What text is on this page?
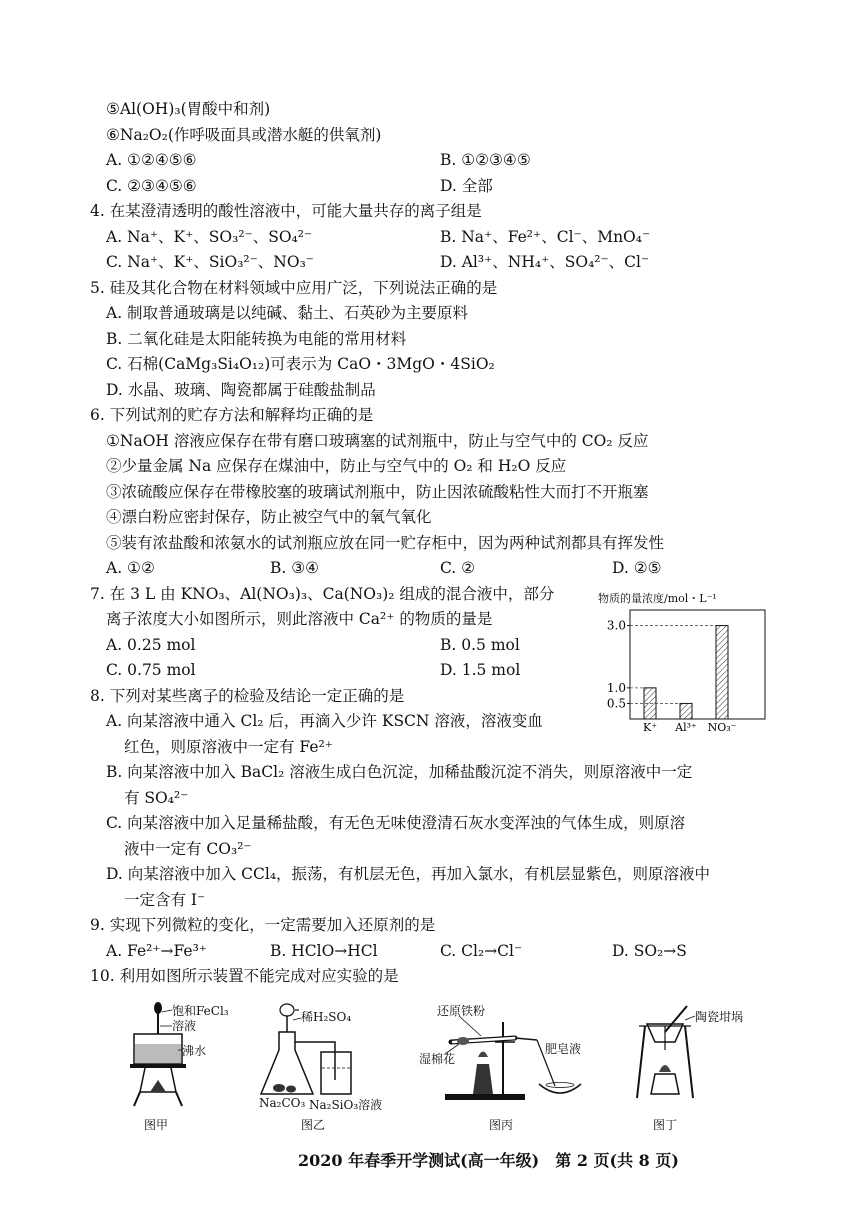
⑤Al(OH)₃(胃酸中和剂)
⑥Na₂O₂(作呼吸面具或潜水艇的供氧剂)
A. ①②④⑤⑥	B. ①②③④⑤
C. ②③④⑤⑥	D. 全部
4. 在某澄清透明的酸性溶液中，可能大量共存的离子组是
A. Na⁺、K⁺、SO₃²⁻、SO₄²⁻	B. Na⁺、Fe²⁺、Cl⁻、MnO₄⁻
C. Na⁺、K⁺、SiO₃²⁻、NO₃⁻	D. Al³⁺、NH₄⁺、SO₄²⁻、Cl⁻
5. 硅及其化合物在材料领域中应用广泛，下列说法正确的是
A. 制取普通玻璃是以纯碱、黏土、石英砂为主要原料
B. 二氧化硅是太阳能转换为电能的常用材料
C. 石棉(CaMg₃Si₄O₁₂)可表示为 CaO・3MgO・4SiO₂
D. 水晶、玻璃、陶瓷都属于硅酸盐制品
6. 下列试剂的贮存方法和解释均正确的是
①NaOH 溶液应保存在带有磨口玻璃塞的试剂瓶中，防止与空气中的 CO₂ 反应
②少量金属 Na 应保存在煤油中，防止与空气中的 O₂ 和 H₂O 反应
③浓硫酸应保存在带橡胶塞的玻璃试剂瓶中，防止因浓硫酸粘性大而打不开瓶塞
④漂白粉应密封保存，防止被空气中的氧气氧化
⑤装有浓盐酸和浓氨水的试剂瓶应放在同一贮存柜中，因为两种试剂都具有挥发性
A. ①②	B. ③④	C. ②	D. ②⑤
7. 在 3 L 由 KNO₃、Al(NO₃)₃、Ca(NO₃)₂ 组成的混合液中，部分
离子浓度大小如图所示，则此溶液中 Ca²⁺ 的物质的量是
A. 0.25 mol	B. 0.5 mol
C. 0.75 mol	D. 1.5 mol
物质的量浓度/mol・L⁻¹
3.0
1.0
0.5
K⁺ Al³⁺ NO₃⁻
8. 下列对某些离子的检验及结论一定正确的是
A. 向某溶液中通入 Cl₂ 后，再滴入少许 KSCN 溶液，溶液变血
红色，则原溶液中一定有 Fe²⁺
B. 向某溶液中加入 BaCl₂ 溶液生成白色沉淀，加稀盐酸沉淀不消失，则原溶液中一定
有 SO₄²⁻
C. 向某溶液中加入足量稀盐酸，有无色无味使澄清石灰水变浑浊的气体生成，则原溶
液中一定有 CO₃²⁻
D. 向某溶液中加入 CCl₄，振荡，有机层无色，再加入氯水，有机层显紫色，则原溶液中
一定含有 I⁻
9. 实现下列微粒的变化，一定需要加入还原剂的是
A. Fe²⁺→Fe³⁺	B. HClO→HCl	C. Cl₂→Cl⁻	D. SO₂→S
10. 利用如图所示装置不能完成对应实验的是
饱和FeCl₃
溶液
沸水
图甲
稀H₂SO₄
Na₂CO₃ Na₂SiO₃溶液
图乙
还原铁粉
湿棉花
肥皂液
图丙
陶瓷坩埚
图丁
2020 年春季开学测试(高一年级)　第 2 页(共 8 页)
